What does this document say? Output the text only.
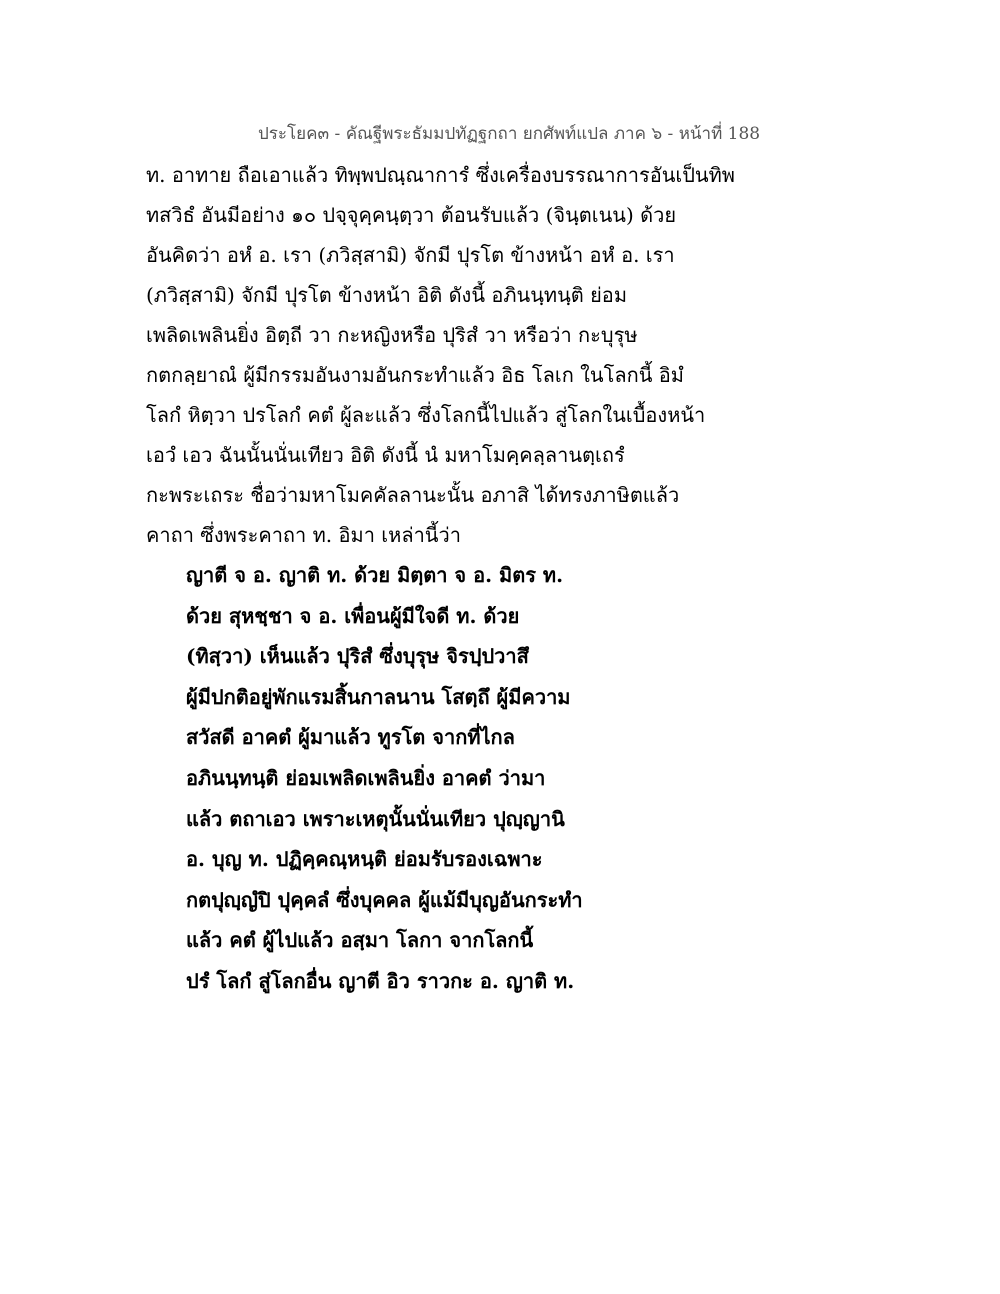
ประโยค๓ - คัณฐีพระธัมมปทัฏฐกถา ยกศัพท์แปล ภาค ๖ - หน้าที่ 188
ท. อาทาย ถือเอาแล้ว ทิพฺพปณฺณาการํ ซึ่งเครื่องบรรณาการอันเป็นทิพ
ทสวิธํ อันมีอย่าง ๑๐ ปจฺจุคฺคนฺตฺวา ต้อนรับแล้ว (จินฺตเนน) ด้วย
อันคิดว่า อหํ อ. เรา (ภวิสฺสามิ) จักมี ปุรโต ข้างหน้า อหํ อ. เรา
(ภวิสฺสามิ) จักมี ปุรโต ข้างหน้า อิติ ดังนี้ อภินนฺทนฺติ ย่อม
เพลิดเพลินยิ่ง อิตฺถี วา กะหญิงหรือ ปุริสํ วา หรือว่า กะบุรุษ
กตกลฺยาณํ ผู้มีกรรมอันงามอันกระทำแล้ว อิธ โลเก ในโลกนี้ อิมํ
โลกํ หิตฺวา ปรโลกํ คตํ ผู้ละแล้ว ซึ่งโลกนี้ไปแล้ว สู่โลกในเบื้องหน้า
เอวํ เอว ฉันนั้นนั่นเทียว อิติ ดังนี้ นํ มหาโมคฺคลฺลานตฺเถรํ
กะพระเถระ ชื่อว่ามหาโมคคัลลานะนั้น อภาสิ ได้ทรงภาษิตแล้ว
คาถา ซึ่งพระคาถา ท. อิมา เหล่านี้ว่า
ญาตี จ อ. ญาติ ท. ด้วย มิตฺตา จ อ. มิตร ท.
ด้วย สุหชฺชา จ อ. เพื่อนผู้มีใจดี ท. ด้วย
(ทิสฺวา) เห็นแล้ว ปุริสํ ซึ่งบุรุษ จิรปฺปวาสึ
ผู้มีปกติอยู่พักแรมสิ้นกาลนาน โสตฺถึ ผู้มีความ
สวัสดี อาคตํ ผู้มาแล้ว ทูรโต จากที่ไกล
อภินนฺทนฺติ ย่อมเพลิดเพลินยิ่ง อาคตํ ว่ามา
แล้ว ตถาเอว เพราะเหตุนั้นนั่นเทียว ปุญฺญานิ
อ. บุญ ท. ปฏิคฺคณฺหนฺติ ย่อมรับรองเฉพาะ
กตปุญฺญํปิ ปุคฺคลํ ซึ่งบุคคล ผู้แม้มีบุญอันกระทำ
แล้ว คตํ ผู้ไปแล้ว อสฺมา โลกา จากโลกนี้
ปรํ โลกํ สู่โลกอื่น ญาตี อิว ราวกะ อ. ญาติ ท.
